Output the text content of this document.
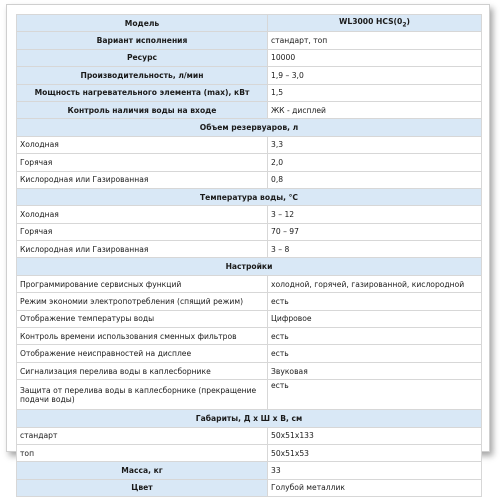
Модель	WL3000 $HCS(0_2)$
Вариант исполнения	стандарт, топ
Ресурс	10000
Производительность, л/мин	1,9 – 3,0
Мощность нагревательного элемента (max), кВт	1,5
Контроль наличия воды на входе	ЖК - дисплей
Объем резервуаров, л	
Холодная	3,3
Горячая	2,0
Кислородная или Газированная	0,8
Температура воды, °С	
Холодная	3 – 12
Горячая	70 – 97
Кислородная или Газированная	3 – 8
Настройки	
Программирование сервисных функций	холодной, горячей, газированной, кислородной
Режим экономии электропотребления (спящий режим)	есть
Отображение температуры воды	Цифровое
Контроль времени использования сменных фильтров	есть
Отображение неисправностей на дисплее	есть
Сигнализация перелива воды в каплесборнике	Звуковая
Защита от перелива воды в каплесборнике (прекращение подачи воды)	есть
Габариты, Д х Ш х В, см	
стандарт	50х51х133
топ	50х51х53
Масса, кг	33
Цвет	Голубой металлик
